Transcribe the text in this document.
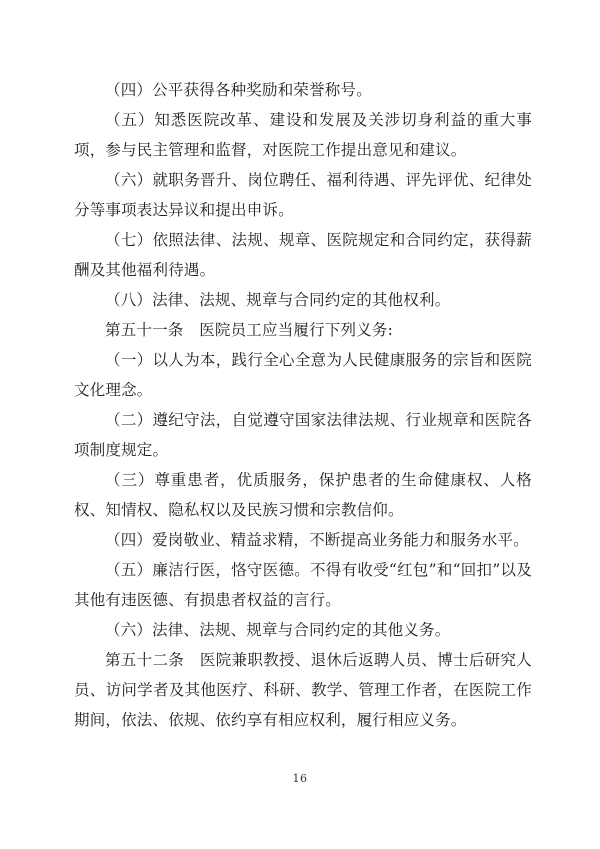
（四）公平获得各种奖励和荣誉称号。

（五）知悉医院改革、建设和发展及关涉切身利益的重大事项，参与民主管理和监督，对医院工作提出意见和建议。

（六）就职务晋升、岗位聘任、福利待遇、评先评优、纪律处分等事项表达异议和提出申诉。

（七）依照法律、法规、规章、医院规定和合同约定，获得薪酬及其他福利待遇。

（八）法律、法规、规章与合同约定的其他权利。

第五十一条　医院员工应当履行下列义务:

（一）以人为本，践行全心全意为人民健康服务的宗旨和医院文化理念。

（二）遵纪守法，自觉遵守国家法律法规、行业规章和医院各项制度规定。

（三）尊重患者，优质服务，保护患者的生命健康权、人格权、知情权、隐私权以及民族习惯和宗教信仰。

（四）爱岗敬业、精益求精，不断提高业务能力和服务水平。

（五）廉洁行医，恪守医德。不得有收受“红包”和“回扣”以及其他有违医德、有损患者权益的言行。

（六）法律、法规、规章与合同约定的其他义务。

第五十二条　医院兼职教授、退休后返聘人员、博士后研究人员、访问学者及其他医疗、科研、教学、管理工作者，在医院工作期间，依法、依规、依约享有相应权利，履行相应义务。

16
